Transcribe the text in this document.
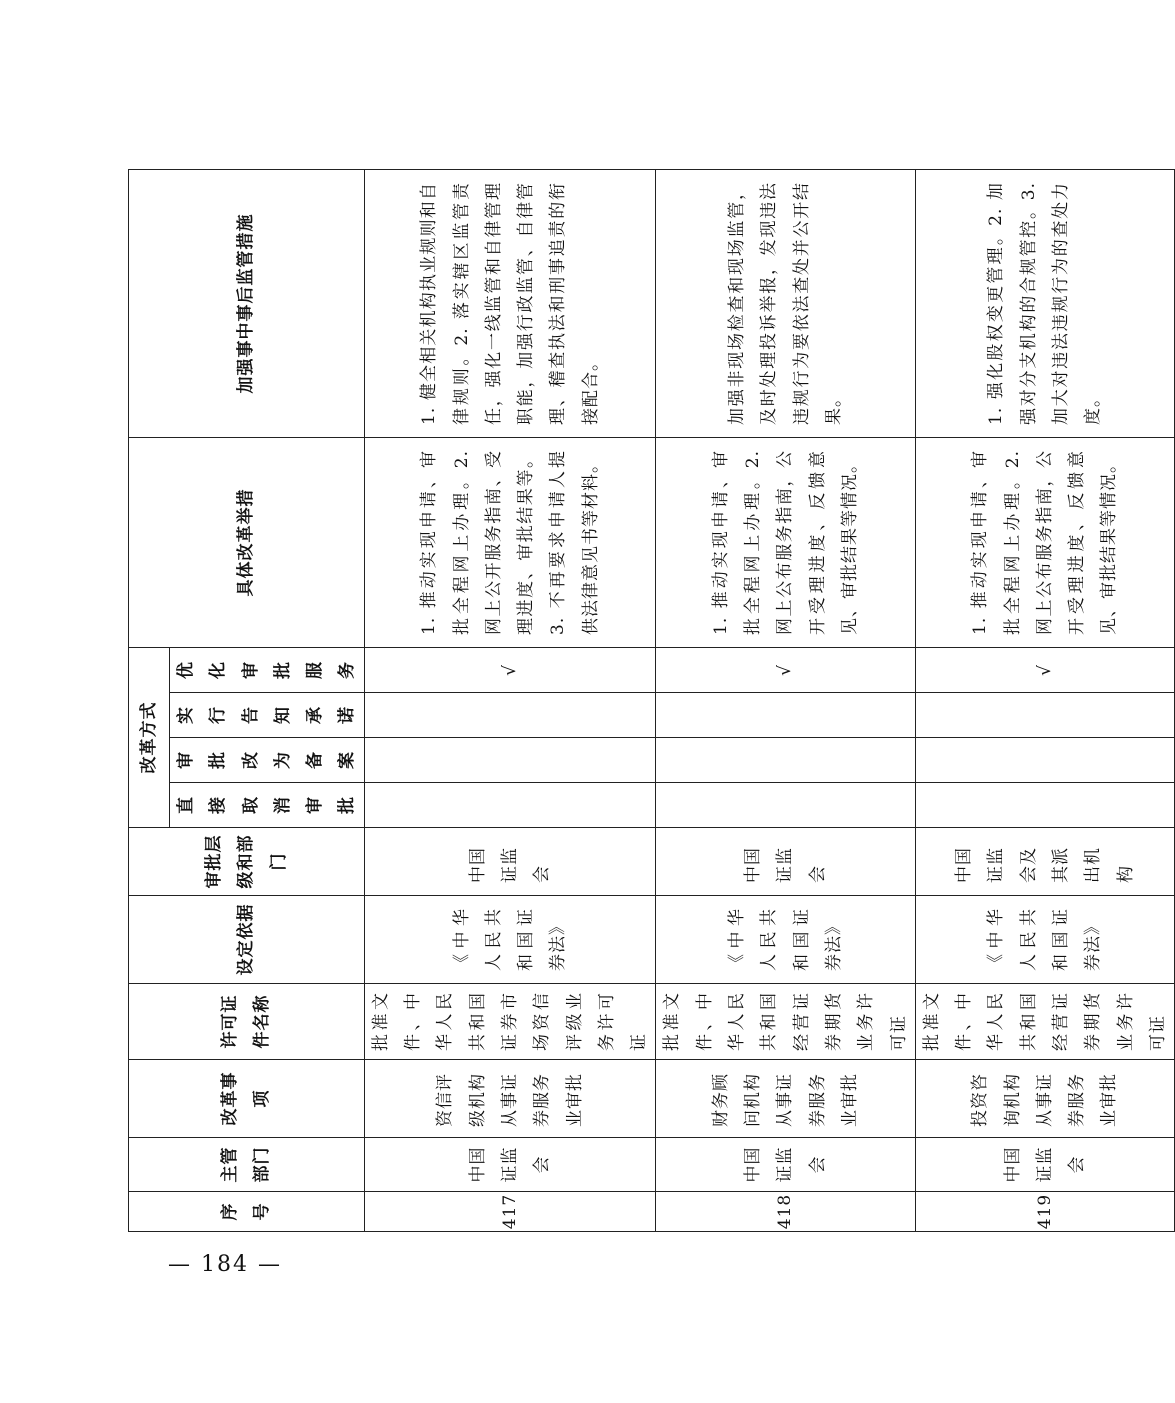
序号	主管部门	改革事项	许可证件名称	设定依据	审批层级和部门	改革方式				具体改革举措	加强事中事后监管措施
						直接取消审批	审批改为备案	实行告知承诺	优化审批服务		
417	中国证监会	资信评级机构从事证券服务业审批	批准文件、中华人民共和国证券市场资信评级业务许可证	《中华人民共和国证券法》	中国证监会				√	1. 推动实现申请、审批全程网上办理。2. 网上公开服务指南、受理进度、审批结果等。3. 不再要求申请人提供法律意见书等材料。	1. 健全相关机构执业规则和自律规则。2. 落实辖区监管责任，强化一线监管和自律管理职能，加强行政监管、自律管理、稽查执法和刑事追责的衔接配合。
418	中国证监会	财务顾问机构从事证券服务业审批	批准文件、中华人民共和国经营证券期货业务许可证	《中华人民共和国证券法》	中国证监会				√	1. 推动实现申请、审批全程网上办理。2. 网上公布服务指南，公开受理进度、反馈意见、审批结果等情况。	加强非现场检查和现场监管，及时处理投诉举报，发现违法违规行为要依法查处并公开结果。
419	中国证监会	投资咨询机构从事证券服务业审批	批准文件、中华人民共和国经营证券期货业务许可证	《中华人民共和国证券法》	中国证监会及其派出机构				√	1. 推动实现申请、审批全程网上办理。2. 网上公布服务指南，公开受理进度、反馈意见、审批结果等情况。	1. 强化股权变更管理。2. 加强对分支机构的合规管控。3. 加大对违法违规行为的查处力度。
— 184 —
